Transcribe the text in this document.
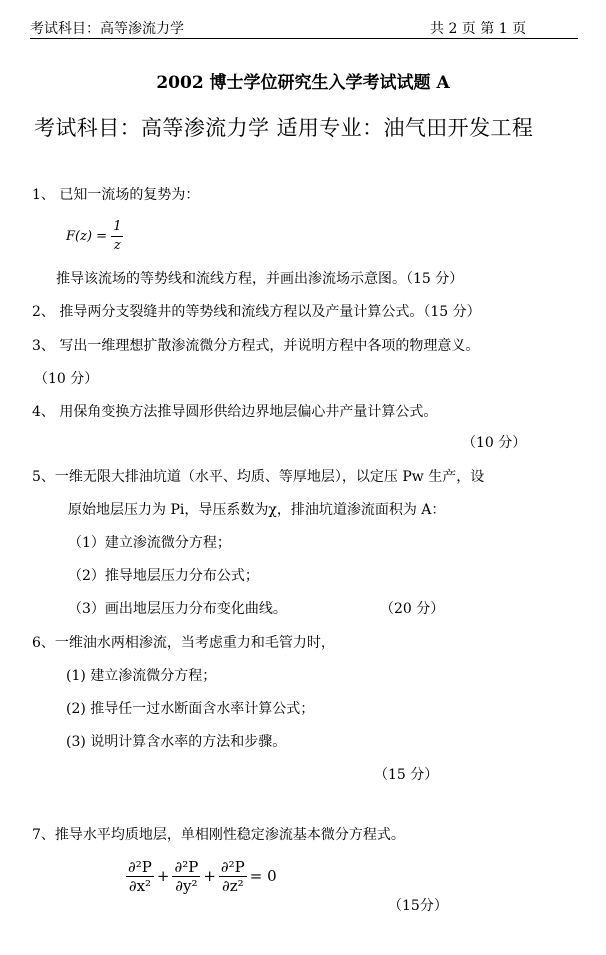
考试科目：高等渗流力学	共 2 页 第 1 页
2002 博士学位研究生入学考试试题 A
考试科目：高等渗流力学 适用专业：油气田开发工程
1、 已知一流场的复势为：
$F(z) = \frac{1}{z}$
推导该流场的等势线和流线方程，并画出渗流场示意图。（15 分）
2、 推导两分支裂缝井的等势线和流线方程以及产量计算公式。（15 分）
3、 写出一维理想扩散渗流微分方程式，并说明方程中各项的物理意义。
（10 分）
4、 用保角变换方法推导圆形供给边界地层偏心井产量计算公式。
（10 分）
5、一维无限大排油坑道（水平、均质、等厚地层），以定压 Pw 生产，设
原始地层压力为 Pi，导压系数为χ，排油坑道渗流面积为 A：
（1）建立渗流微分方程；
（2）推导地层压力分布公式；
（3）画出地层压力分布变化曲线。	（20 分）
6、一维油水两相渗流，当考虑重力和毛管力时，
(1) 建立渗流微分方程；
(2) 推导任一过水断面含水率计算公式；
(3) 说明计算含水率的方法和步骤。
（15 分）
7、推导水平均质地层，单相刚性稳定渗流基本微分方程式。
$\frac{\text{∂²P}}{\text{∂x²}} + \frac{\text{∂²P}}{\text{∂y²}} + \frac{\text{∂²P}}{\text{∂z²}} = 0$
（15分）
